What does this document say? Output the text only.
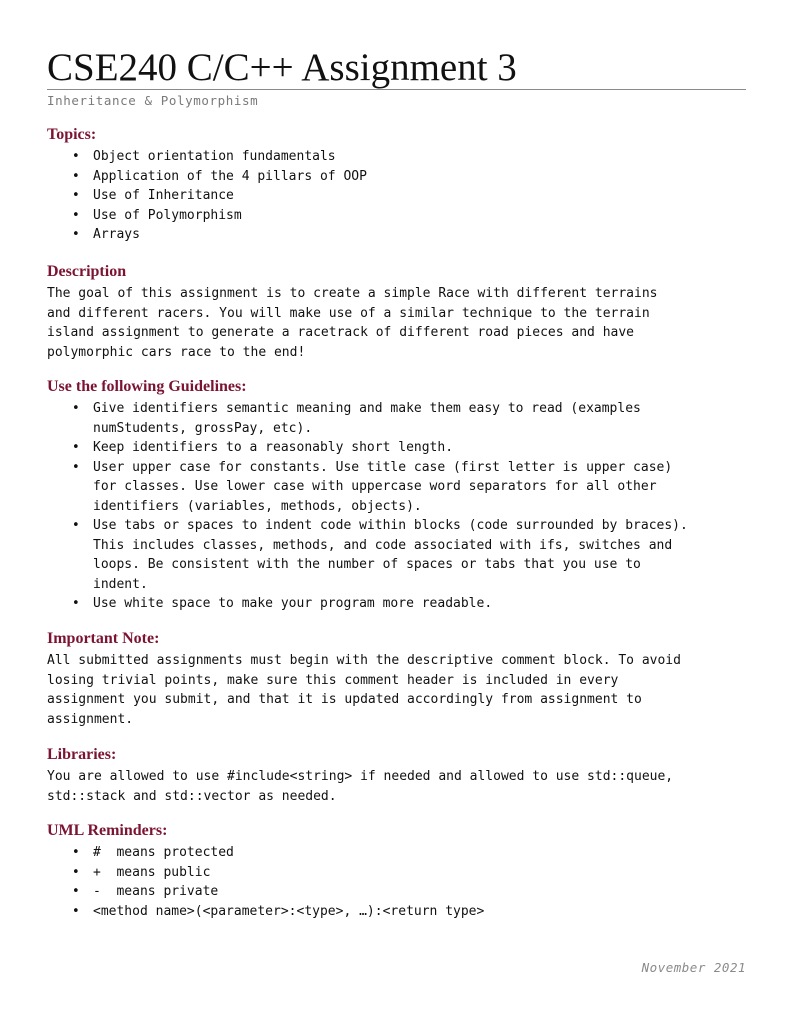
CSE240 C/C++ Assignment 3
Inheritance & Polymorphism
Topics:
• Object orientation fundamentals
• Application of the 4 pillars of OOP
• Use of Inheritance
• Use of Polymorphism
• Arrays
Description

The goal of this assignment is to create a simple Race with different terrains
and different racers. You will make use of a similar technique to the terrain
island assignment to generate a racetrack of different road pieces and have
polymorphic cars race to the end!

Use the following Guidelines:
• Give identifiers semantic meaning and make them easy to read (examples
numStudents, grossPay, etc).
• Keep identifiers to a reasonably short length.
• User upper case for constants. Use title case (first letter is upper case)
for classes. Use lower case with uppercase word separators for all other
identifiers (variables, methods, objects).
• Use tabs or spaces to indent code within blocks (code surrounded by braces).
This includes classes, methods, and code associated with ifs, switches and
loops. Be consistent with the number of spaces or tabs that you use to
indent.
• Use white space to make your program more readable.
Important Note:

All submitted assignments must begin with the descriptive comment block. To avoid
losing trivial points, make sure this comment header is included in every
assignment you submit, and that it is updated accordingly from assignment to
assignment.

Libraries:

You are allowed to use #include<string> if needed and allowed to use std::queue,
std::stack and std::vector as needed.

UML Reminders:
• #  means protected
• +  means public
• -  means private
• <method name>(<parameter>:<type>, …):<return type>
November 2021
